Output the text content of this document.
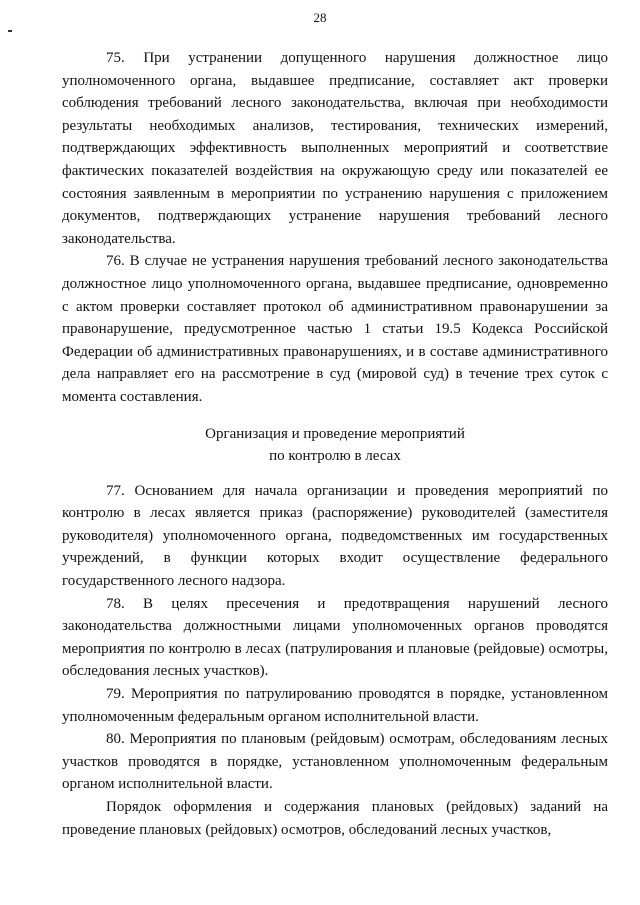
28

75. При устранении допущенного нарушения должностное лицо уполномоченного органа, выдавшее предписание, составляет акт проверки соблюдения требований лесного законодательства, включая при необходимости результаты необходимых анализов, тестирования, технических измерений, подтверждающих эффективность выполненных мероприятий и соответствие фактических показателей воздействия на окружающую среду или показателей ее состояния заявленным в мероприятии по устранению нарушения с приложением документов, подтверждающих устранение нарушения требований лесного законодательства.

76. В случае не устранения нарушения требований лесного законодательства должностное лицо уполномоченного органа, выдавшее предписание, одновременно с актом проверки составляет протокол об административном правонарушении за правонарушение, предусмотренное частью 1 статьи 19.5 Кодекса Российской Федерации об административных правонарушениях, и в составе административного дела направляет его на рассмотрение в суд (мировой суд) в течение трех суток с момента составления.

Организация и проведение мероприятий
по контролю в лесах

77. Основанием для начала организации и проведения мероприятий по контролю в лесах является приказ (распоряжение) руководителей (заместителя руководителя) уполномоченного органа, подведомственных им государственных учреждений, в функции которых входит осуществление федерального государственного лесного надзора.

78. В целях пресечения и предотвращения нарушений лесного законодательства должностными лицами уполномоченных органов проводятся мероприятия по контролю в лесах (патрулирования и плановые (рейдовые) осмотры, обследования лесных участков).

79. Мероприятия по патрулированию проводятся в порядке, установленном уполномоченным федеральным органом исполнительной власти.

80. Мероприятия по плановым (рейдовым) осмотрам, обследованиям лесных участков проводятся в порядке, установленном уполномоченным федеральным органом исполнительной власти.

Порядок оформления и содержания плановых (рейдовых) заданий на проведение плановых (рейдовых) осмотров, обследований лесных участков,
